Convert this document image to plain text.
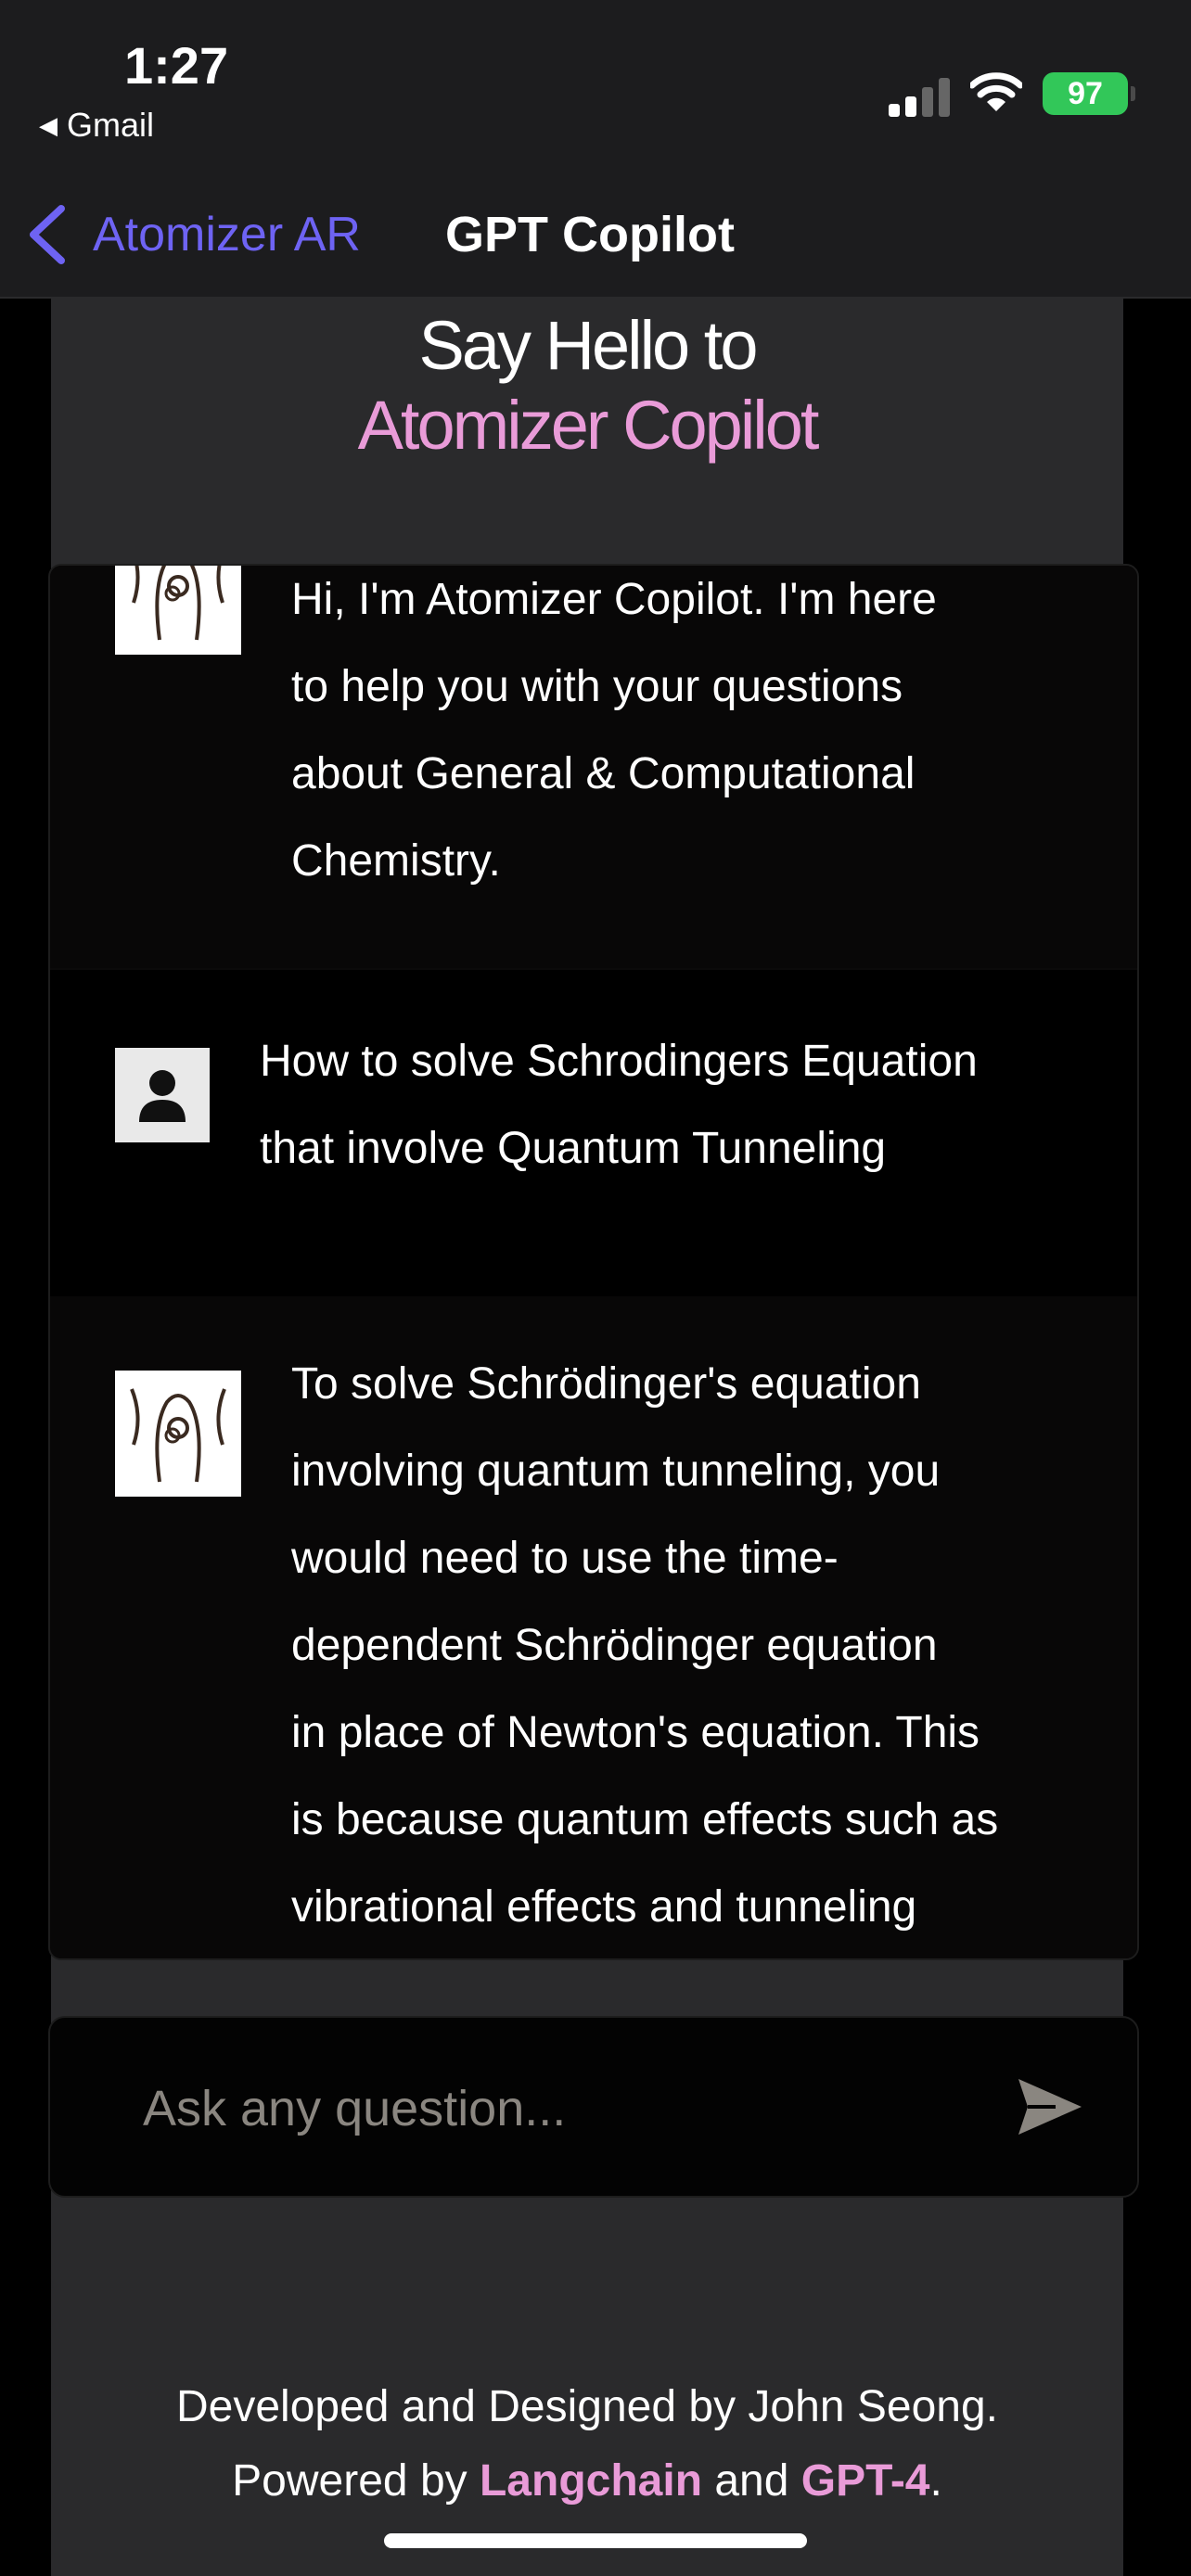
1:27
◀ Gmail
97
Atomizer AR GPT Copilot
Say Hello to
Atomizer Copilot
Hi, I'm Atomizer Copilot. I'm here
to help you with your questions
about General & Computational
Chemistry.
How to solve Schrodingers Equation
that involve Quantum Tunneling
To solve Schrödinger's equation
involving quantum tunneling, you
would need to use the time-
dependent Schrödinger equation
in place of Newton's equation. This
is because quantum effects such as
vibrational effects and tunneling
Ask any question...
Developed and Designed by John Seong.
Powered by Langchain and GPT-4.
